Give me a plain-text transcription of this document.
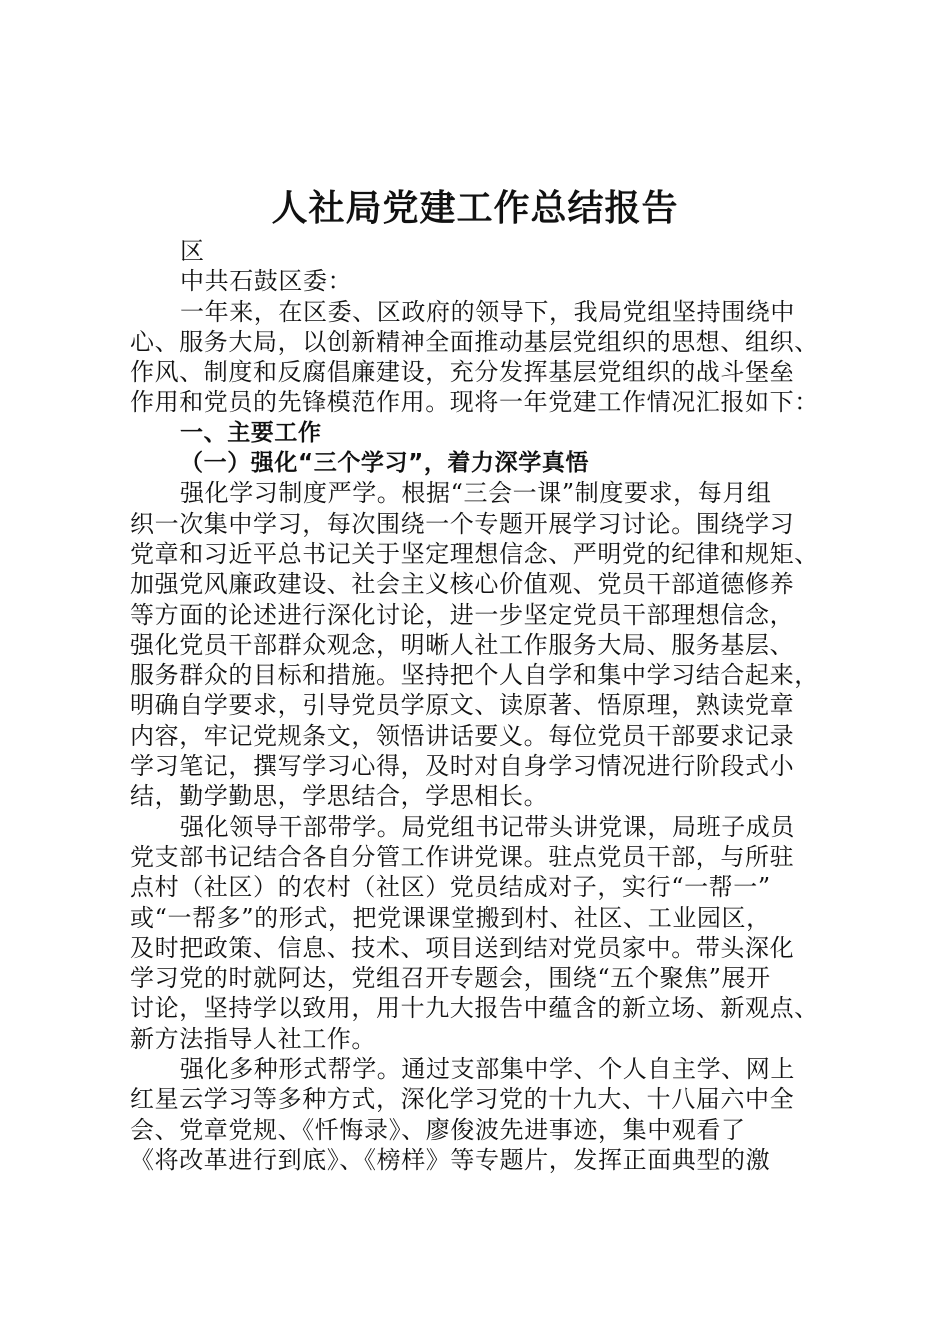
人社局党建工作总结报告
区
中共石鼓区委：
一年来，在区委、区政府的领导下，我局党组坚持围绕中
心、服务大局，以创新精神全面推动基层党组织的思想、组织、
作风、制度和反腐倡廉建设，充分发挥基层党组织的战斗堡垒
作用和党员的先锋模范作用。现将一年党建工作情况汇报如下：
一、主要工作
（一）强化“三个学习”，着力深学真悟
强化学习制度严学。根据“三会一课”制度要求，每月组
织一次集中学习，每次围绕一个专题开展学习讨论。围绕学习
党章和习近平总书记关于坚定理想信念、严明党的纪律和规矩、
加强党风廉政建设、社会主义核心价值观、党员干部道德修养
等方面的论述进行深化讨论，进一步坚定党员干部理想信念，
强化党员干部群众观念，明晰人社工作服务大局、服务基层、
服务群众的目标和措施。坚持把个人自学和集中学习结合起来，
明确自学要求，引导党员学原文、读原著、悟原理，熟读党章
内容，牢记党规条文，领悟讲话要义。每位党员干部要求记录
学习笔记，撰写学习心得，及时对自身学习情况进行阶段式小
结，勤学勤思，学思结合，学思相长。
强化领导干部带学。局党组书记带头讲党课，局班子成员
党支部书记结合各自分管工作讲党课。驻点党员干部，与所驻
点村（社区）的农村（社区）党员结成对子，实行“一帮一”
或“一帮多”的形式，把党课课堂搬到村、社区、工业园区，
及时把政策、信息、技术、项目送到结对党员家中。带头深化
学习党的时就阿达，党组召开专题会，围绕“五个聚焦”展开
讨论，坚持学以致用，用十九大报告中蕴含的新立场、新观点、
新方法指导人社工作。
强化多种形式帮学。通过支部集中学、个人自主学、网上
红星云学习等多种方式，深化学习党的十九大、十八届六中全
会、党章党规、《忏悔录》、廖俊波先进事迹，集中观看了
《将改革进行到底》、《榜样》等专题片，发挥正面典型的激
